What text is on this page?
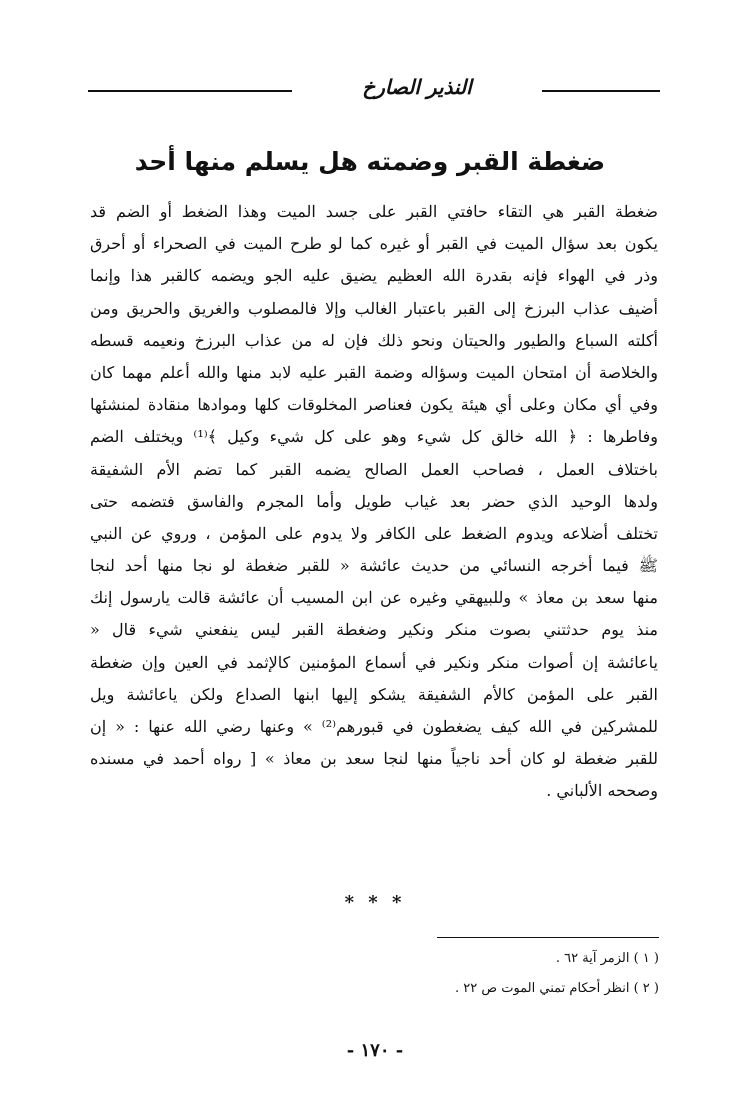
النذير الصارخ
ضغطة القبر وضمته هل يسلم منها أحد
ضغطة القبر هي التقاء حافتي القبر على جسد الميت وهذا الضغط أو الضم قد
يكون بعد سؤال الميت في القبر أو غيره كما لو طرح الميت في الصحراء أو أحرق
وذر في الهواء فإنه بقدرة الله العظيم يضيق عليه الجو ويضمه كالقبر هذا وإنما
أضيف عذاب البرزخ إلى القبر باعتبار الغالب وإلا فالمصلوب والغريق والحريق ومن
أكلته السباع والطيور والحيتان ونحو ذلك فإن له من عذاب البرزخ ونعيمه قسطه
والخلاصة أن امتحان الميت وسؤاله وضمة القبر عليه لابد منها والله أعلم مهما كان
وفي أي مكان وعلى أي هيئة يكون فعناصر المخلوقات كلها وموادها منقادة لمنشئها
وفاطرها : ﴿ الله خالق كل شيء وهو على كل شيء وكيل ﴾⁽¹⁾ ويختلف الضم
باختلاف العمل ، فصاحب العمل الصالح يضمه القبر كما تضم الأم الشفيقة
ولدها الوحيد الذي حضر بعد غياب طويل وأما المجرم والفاسق فتضمه حتى
تختلف أضلاعه ويدوم الضغط على الكافر ولا يدوم على المؤمن ، وروي عن النبي
ﷺ فيما أخرجه النسائي من حديث عائشة « للقبر ضغطة لو نجا منها أحد لنجا
منها سعد بن معاذ » وللبيهقي وغيره عن ابن المسيب أن عائشة قالت يارسول إنك
منذ يوم حدثتني بصوت منكر ونكير وضغطة القبر ليس ينفعني شيء قال «
ياعائشة إن أصوات منكر ونكير في أسماع المؤمنين كالإثمد في العين وإن ضغطة
القبر على المؤمن كالأم الشفيقة يشكو إليها ابنها الصداع ولكن ياعائشة ويل
للمشركين في الله كيف يضغطون في قبورهم⁽²⁾ » وعنها رضي الله عنها : « إن
للقبر ضغطة لو كان أحد ناجياً منها لنجا سعد بن معاذ » [ رواه أحمد في مسنده
وصححه الألباني .
* * *
( ١ ) الزمر آية ٦٢ .
( ٢ ) انظر أحكام تمني الموت ص ٢٢ .
- ١٧٠ -
